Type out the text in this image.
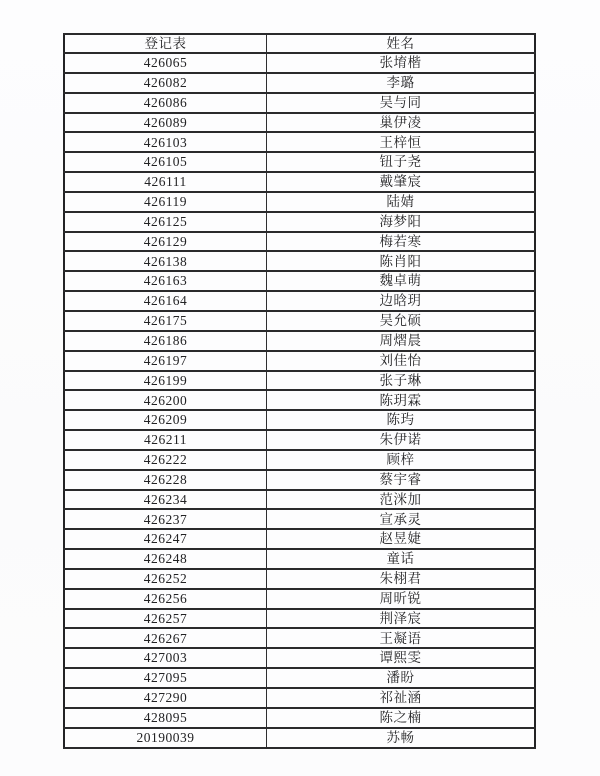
登记表	姓名
426065	张堉楷
426082	李璐
426086	吴与同
426089	巢伊凌
426103	王梓恒
426105	钮子尧
426111	戴肇宸
426119	陆婧
426125	海梦阳
426129	梅若寒
426138	陈肖阳
426163	魏卓萌
426164	边晗玥
426175	吴允硕
426186	周熠晨
426197	刘佳怡
426199	张子琳
426200	陈玥霖
426209	陈玙
426211	朱伊诺
426222	顾梓
426228	蔡宇睿
426234	范洣加
426237	宣承灵
426247	赵昱婕
426248	童话
426252	朱栩君
426256	周昕锐
426257	荆泽宸
426267	王凝语
427003	谭熙雯
427095	潘盼
427290	祁祉涵
428095	陈之楠
20190039	苏畅
